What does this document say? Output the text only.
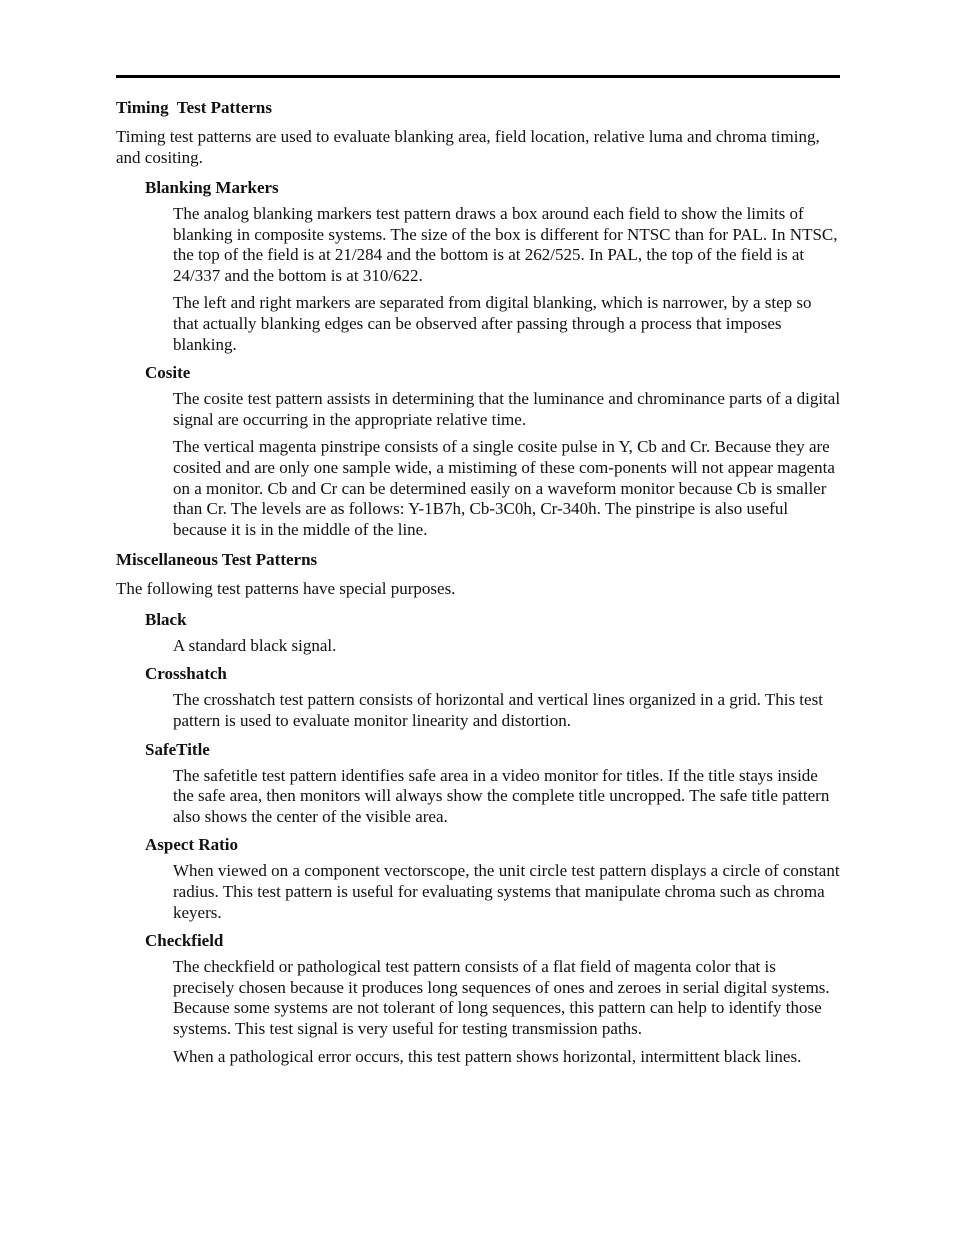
Timing  Test Patterns

Timing test patterns are used to evaluate blanking area, field location, relative luma and chroma timing, and cositing.

Blanking Markers

The analog blanking markers test pattern draws a box around each field to show the limits of blanking in composite systems. The size of the box is different for NTSC than for PAL. In NTSC, the top of the field is at 21/284 and the bottom is at 262/525. In PAL, the top of the field is at 24/337 and the bottom is at 310/622.

The left and right markers are separated from digital blanking, which is narrower, by a step so that actually blanking edges can be observed after passing through a process that imposes blanking.

Cosite

The cosite test pattern assists in determining that the luminance and chrominance parts of a digital signal are occurring in the appropriate relative time.

The vertical magenta pinstripe consists of a single cosite pulse in Y, Cb and Cr. Because they are cosited and are only one sample wide, a mistiming of these com-ponents will not appear magenta on a monitor. Cb and Cr can be determined easily on a waveform monitor because Cb is smaller than Cr. The levels are as follows: Y-1B7h, Cb-3C0h, Cr-340h. The pinstripe is also useful because it is in the middle of the line.

Miscellaneous Test Patterns

The following test patterns have special purposes.

Black

A standard black signal.

Crosshatch

The crosshatch test pattern consists of horizontal and vertical lines organized in a grid. This test pattern is used to evaluate monitor linearity and distortion.

SafeTitle

The safetitle test pattern identifies safe area in a video monitor for titles. If the title stays inside the safe area, then monitors will always show the complete title uncropped. The safe title pattern also shows the center of the visible area.

Aspect Ratio

When viewed on a component vectorscope, the unit circle test pattern displays a circle of constant radius. This test pattern is useful for evaluating systems that manipulate chroma such as chroma keyers.

Checkfield

The checkfield or pathological test pattern consists of a flat field of magenta color that is precisely chosen because it produces long sequences of ones and zeroes in serial digital systems. Because some systems are not tolerant of long sequences, this pattern can help to identify those systems. This test signal is very useful for testing transmission paths.

When a pathological error occurs, this test pattern shows horizontal, intermittent black lines.
